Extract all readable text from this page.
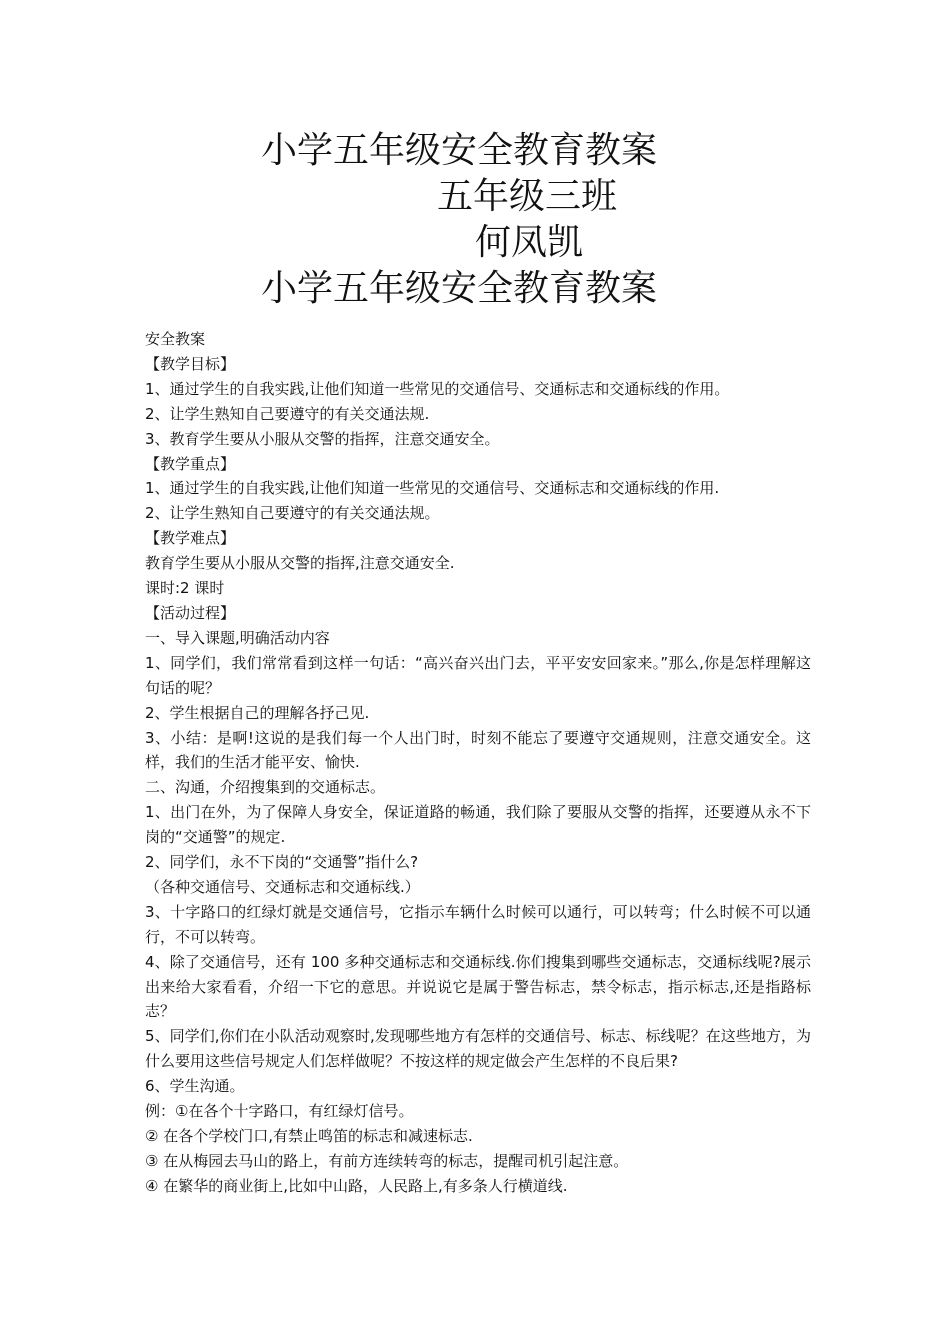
小学五年级安全教育教案
五年级三班
何凤凯
小学五年级安全教育教案
安全教案
【教学目标】
1、通过学生的自我实践,让他们知道一些常见的交通信号、交通标志和交通标线的作用。
2、让学生熟知自己要遵守的有关交通法规.
3、教育学生要从小服从交警的指挥，注意交通安全。
【教学重点】
1、通过学生的自我实践,让他们知道一些常见的交通信号、交通标志和交通标线的作用.
2、让学生熟知自己要遵守的有关交通法规。
【教学难点】
教育学生要从小服从交警的指挥,注意交通安全.
课时:2 课时
【活动过程】
一、导入课题,明确活动内容
1、同学们，我们常常看到这样一句话：“高兴奋兴出门去，平平安安回家来。”那么,你是怎样理解这句话的呢？
2、学生根据自己的理解各抒己见.
3、小结：是啊!这说的是我们每一个人出门时，时刻不能忘了要遵守交通规则，注意交通安全。这样，我们的生活才能平安、愉快.
二、沟通，介绍搜集到的交通标志。
1、出门在外，为了保障人身安全，保证道路的畅通，我们除了要服从交警的指挥，还要遵从永不下岗的“交通警”的规定.
2、同学们，永不下岗的“交通警”指什么?
（各种交通信号、交通标志和交通标线.）
3、十字路口的红绿灯就是交通信号，它指示车辆什么时候可以通行，可以转弯；什么时候不可以通行，不可以转弯。
4、除了交通信号，还有 100 多种交通标志和交通标线.你们搜集到哪些交通标志，交通标线呢?展示出来给大家看看，介绍一下它的意思。并说说它是属于警告标志，禁令标志，指示标志,还是指路标志？
5、同学们,你们在小队活动观察时,发现哪些地方有怎样的交通信号、标志、标线呢？在这些地方，为什么要用这些信号规定人们怎样做呢？不按这样的规定做会产生怎样的不良后果?
6、学生沟通。
例：①在各个十字路口，有红绿灯信号。
② 在各个学校门口,有禁止鸣笛的标志和减速标志.
③ 在从梅园去马山的路上，有前方连续转弯的标志，提醒司机引起注意。
④ 在繁华的商业街上,比如中山路，人民路上,有多条人行横道线.
